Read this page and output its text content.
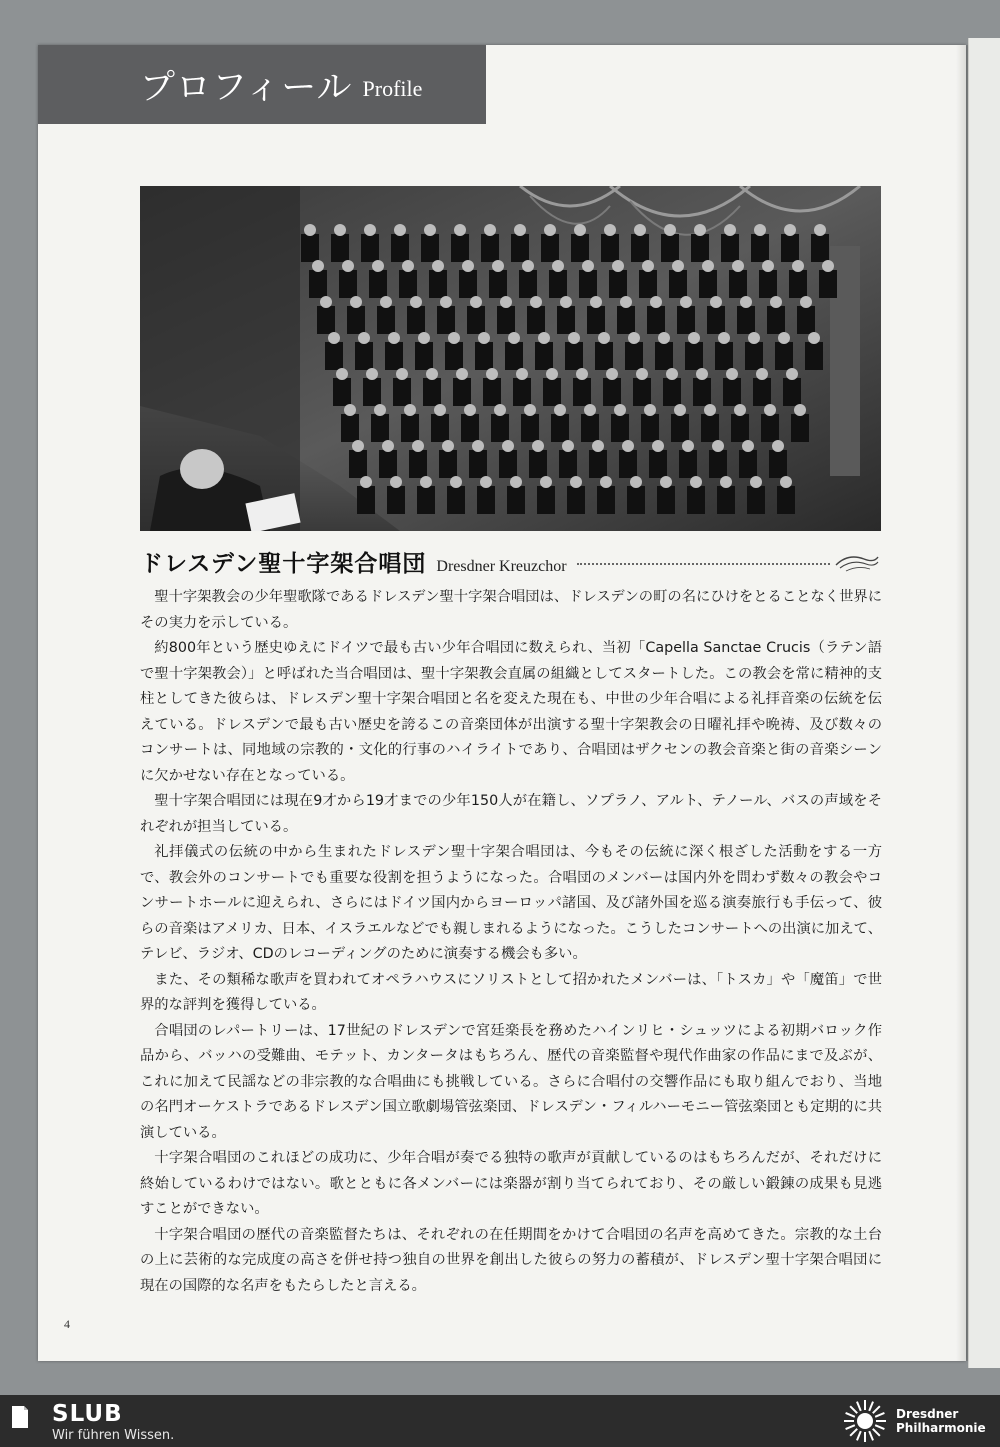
プロフィール Profile
ドレスデン聖十字架合唱団 Dresdner Kreuzchor

聖十字架教会の少年聖歌隊であるドレスデン聖十字架合唱団は、ドレスデンの町の名にひけをとることなく世界にその実力を示している。

約800年という歴史ゆえにドイツで最も古い少年合唱団に数えられ、当初「Capella Sanctae Crucis（ラテン語で聖十字架教会）」と呼ばれた当合唱団は、聖十字架教会直属の組織としてスタートした。この教会を常に精神的支柱としてきた彼らは、ドレスデン聖十字架合唱団と名を変えた現在も、中世の少年合唱による礼拝音楽の伝統を伝えている。ドレスデンで最も古い歴史を誇るこの音楽団体が出演する聖十字架教会の日曜礼拝や晩祷、及び数々のコンサートは、同地域の宗教的・文化的行事のハイライトであり、合唱団はザクセンの教会音楽と街の音楽シーンに欠かせない存在となっている。

聖十字架合唱団には現在9才から19才までの少年150人が在籍し、ソプラノ、アルト、テノール、バスの声域をそれぞれが担当している。

礼拝儀式の伝統の中から生まれたドレスデン聖十字架合唱団は、今もその伝統に深く根ざした活動をする一方で、教会外のコンサートでも重要な役割を担うようになった。合唱団のメンバーは国内外を問わず数々の教会やコンサートホールに迎えられ、さらにはドイツ国内からヨーロッパ諸国、及び諸外国を巡る演奏旅行も手伝って、彼らの音楽はアメリカ、日本、イスラエルなどでも親しまれるようになった。こうしたコンサートへの出演に加えて、テレビ、ラジオ、CDのレコーディングのために演奏する機会も多い。

また、その類稀な歌声を買われてオペラハウスにソリストとして招かれたメンバーは、「トスカ」や「魔笛」で世界的な評判を獲得している。

合唱団のレパートリーは、17世紀のドレスデンで宮廷楽長を務めたハインリヒ・シュッツによる初期バロック作品から、バッハの受難曲、モテット、カンタータはもちろん、歴代の音楽監督や現代作曲家の作品にまで及ぶが、これに加えて民謡などの非宗教的な合唱曲にも挑戦している。さらに合唱付の交響作品にも取り組んでおり、当地の名門オーケストラであるドレスデン国立歌劇場管弦楽団、ドレスデン・フィルハーモニー管弦楽団とも定期的に共演している。

十字架合唱団のこれほどの成功に、少年合唱が奏でる独特の歌声が貢献しているのはもちろんだが、それだけに終始しているわけではない。歌とともに各メンバーには楽器が割り当てられており、その厳しい鍛錬の成果も見逃すことができない。

十字架合唱団の歴代の音楽監督たちは、それぞれの在任期間をかけて合唱団の名声を高めてきた。宗教的な土台の上に芸術的な完成度の高さを併せ持つ独自の世界を創出した彼らの努力の蓄積が、ドレスデン聖十字架合唱団に現在の国際的な名声をもたらしたと言える。

4
SLUB
Wir führen Wissen.
Dresdner
Philharmonie
